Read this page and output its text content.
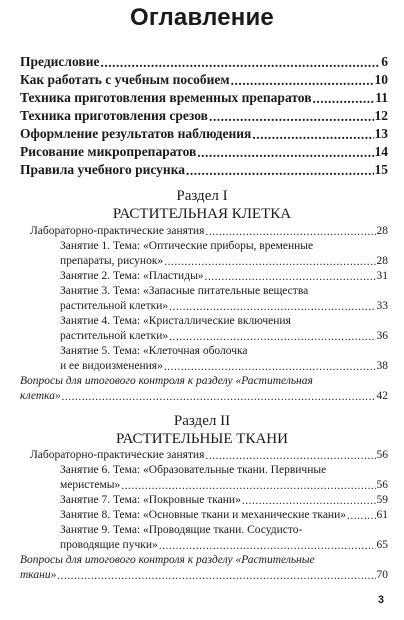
Оглавление
Предисловие .....	6
Как работать с учебным пособием .....	10
Техника приготовления временных препаратов .....	11
Техника приготовления срезов .....	12
Оформление результатов наблюдения .....	13
Рисование микропрепаратов .....	14
Правила учебного рисунка .....	15
Раздел I
РАСТИТЕЛЬНАЯ КЛЕТКА
Лабораторно-практические занятия .....	28
Занятие 1. Тема: «Оптические приборы, временные
препараты, рисунок» .....	28
Занятие 2. Тема: «Пластиды» .....	31
Занятие 3. Тема: «Запасные питательные вещества
растительной клетки» .....	33
Занятие 4. Тема: «Кристаллические включения
растительной клетки» .....	36
Занятие 5. Тема: «Клеточная оболочка
и ее видоизменения» .....	38
Вопросы для итогового контроля к разделу «Растительная
клетка» .....	42
Раздел II
РАСТИТЕЛЬНЫЕ ТКАНИ
Лабораторно-практические занятия .....	56
Занятие 6. Тема: «Образовательные ткани. Первичные
меристемы» .....	56
Занятие 7. Тема: «Покровные ткани» .....	59
Занятие 8. Тема: «Основные ткани и механические ткани» .....	61
Занятие 9. Тема: «Проводящие ткани. Сосудисто-
проводящие пучки» .....	65
Вопросы для итогового контроля к разделу «Растительные
ткани» .....	70
3
